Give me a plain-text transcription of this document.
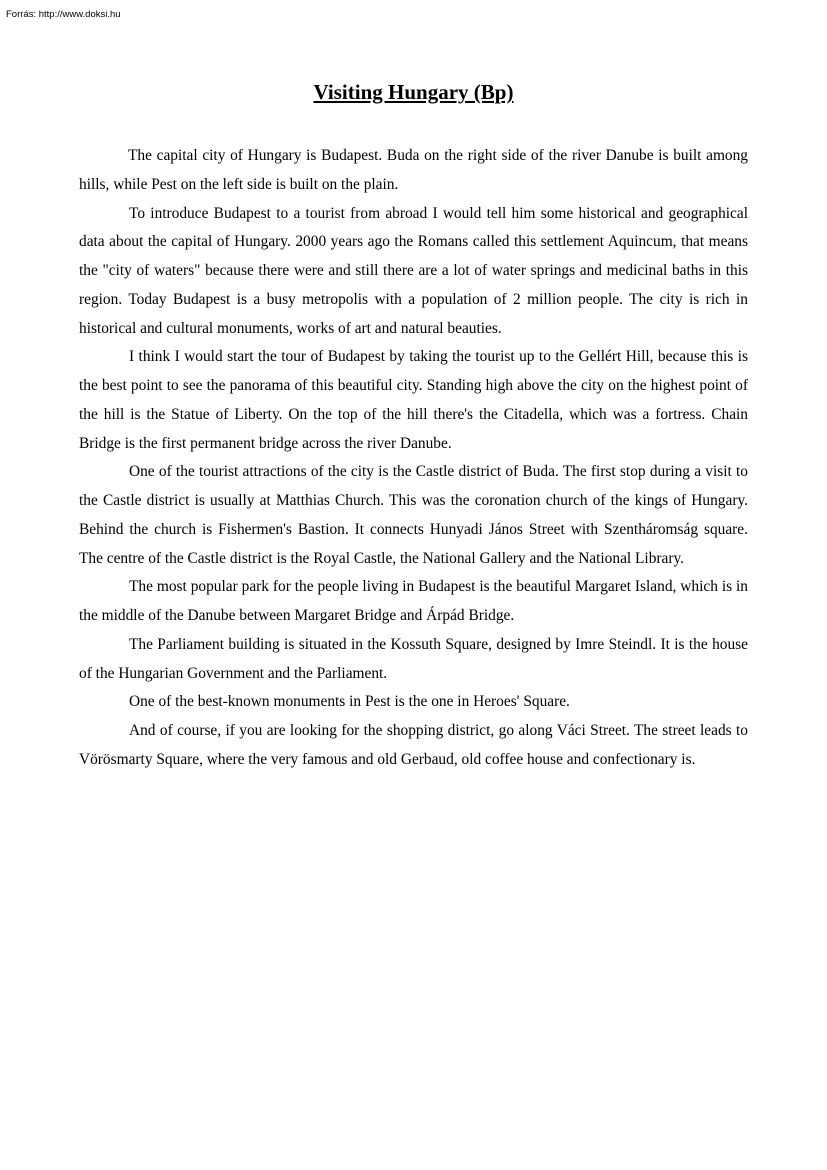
Forrás: http://www.doksi.hu
Visiting Hungary (Bp)

The capital city of Hungary is Budapest. Buda on the right side of the river Danube is built among hills, while Pest on the left side is built on the plain.

To introduce Budapest to a tourist from abroad I would tell him some historical and geographical data about the capital of Hungary. 2000 years ago the Romans called this settlement Aquincum, that means the "city of waters" because there were and still there are a lot of water springs and medicinal baths in this region. Today Budapest is a busy metropolis with a population of 2 million people. The city is rich in historical and cultural monuments, works of art and natural beauties.

I think I would start the tour of Budapest by taking the tourist up to the Gellért Hill, because this is the best point to see the panorama of this beautiful city. Standing high above the city on the highest point of the hill is the Statue of Liberty. On the top of the hill there's the Citadella, which was a fortress. Chain Bridge is the first permanent bridge across the river Danube.

One of the tourist attractions of the city is the Castle district of Buda. The first stop during a visit to the Castle district is usually at Matthias Church. This was the coronation church of the kings of Hungary. Behind the church is Fishermen's Bastion. It connects Hunyadi János Street with Szentháromság square. The centre of the Castle district is the Royal Castle, the National Gallery and the National Library.

The most popular park for the people living in Budapest is the beautiful Margaret Island, which is in the middle of the Danube between Margaret Bridge and Árpád Bridge.

The Parliament building is situated in the Kossuth Square, designed by Imre Steindl. It is the house of the Hungarian Government and the Parliament.

One of the best-known monuments in Pest is the one in Heroes' Square.

And of course, if you are looking for the shopping district, go along Váci Street. The street leads to Vörösmarty Square, where the very famous and old Gerbaud, old coffee house and confectionary is.
